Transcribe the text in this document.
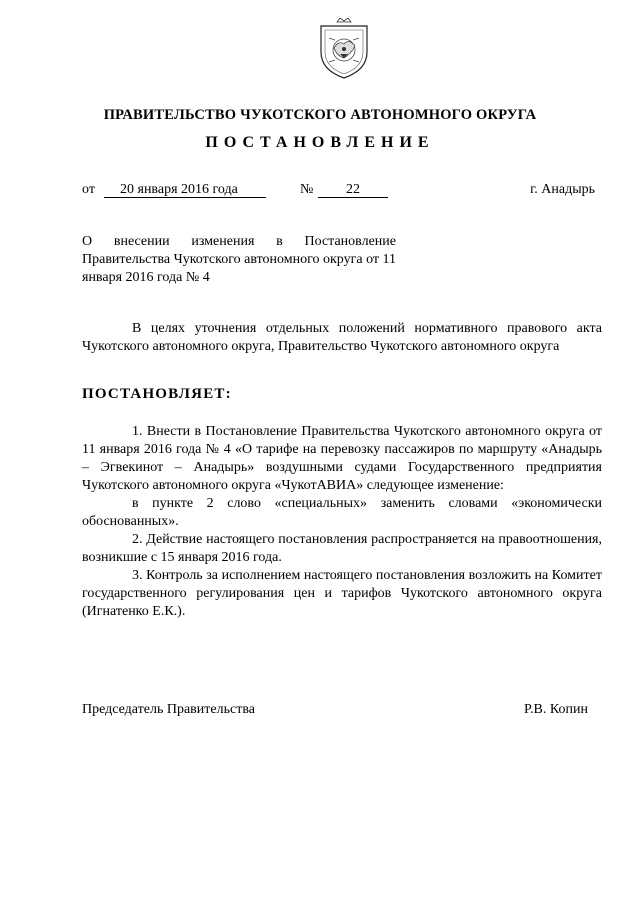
ПРАВИТЕЛЬСТВО ЧУКОТСКОГО АВТОНОМНОГО ОКРУГА
ПОСТАНОВЛЕНИЕ
от 20 января 2016 года	№ 22	г. Анадырь
О внесении изменения в Постановление Правительства Чукотского автономного округа от 11 января 2016 года № 4
В целях уточнения отдельных положений нормативного правового акта Чукотского автономного округа, Правительство Чукотского автономного округа
ПОСТАНОВЛЯЕТ:

1. Внести в Постановление Правительства Чукотского автономного округа от 11 января 2016 года № 4 «О тарифе на перевозку пассажиров по маршруту «Анадырь – Эгвекинот – Анадырь» воздушными судами Государственного предприятия Чукотского автономного округа «ЧукотАВИА» следующее изменение:

в пункте 2 слово «специальных» заменить словами «экономически обоснованных».

2. Действие настоящего постановления распространяется на правоотношения, возникшие с 15 января 2016 года.

3. Контроль за исполнением настоящего постановления возложить на Комитет государственного регулирования цен и тарифов Чукотского автономного округа (Игнатенко Е.К.).

Председатель Правительства	Р.В. Копин
